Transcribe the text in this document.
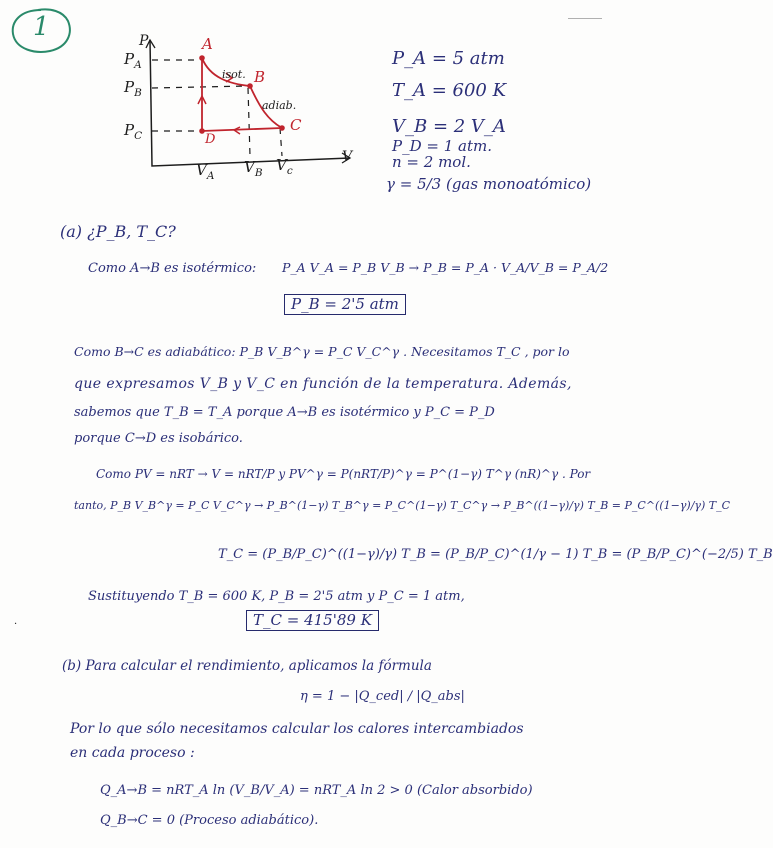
1	P
V
A
B
C
D
$P_A$
$P_B$
$P_C$
$V_A$ $V_B$ $V_c$
isot.
adiab.
P_A = 5 atm
T_A = 600 K
V_B = 2 V_A
P_D = 1 atm.
n = 2 mol.
γ = 5/3 (gas monoatómico)
(a) ¿P_B, T_C?
Como A→B es isotérmico: P_A V_A = P_B V_B → P_B = P_A · V_A/V_B = P_A/2
P_B = 2'5 atm
Como B→C es adiabático: P_B V_B^γ = P_C V_C^γ . Necesitamos T_C , por lo
que expresamos V_B y V_C en función de la temperatura. Además,
sabemos que T_B = T_A porque A→B es isotérmico y P_C = P_D
porque C→D es isobárico.
Como PV = nRT → V = nRT/P y PV^γ = P(nRT/P)^γ = P^(1−γ) T^γ (nR)^γ . Por
tanto, P_B V_B^γ = P_C V_C^γ → P_B^(1−γ) T_B^γ = P_C^(1−γ) T_C^γ → P_B^((1−γ)/γ) T_B = P_C^((1−γ)/γ) T_C
T_C = (P_B/P_C)^((1−γ)/γ) T_B = (P_B/P_C)^(1/γ − 1) T_B = (P_B/P_C)^(−2/5) T_B
Sustituyendo T_B = 600 K, P_B = 2'5 atm y P_C = 1 atm,
T_C = 415'89 K
(b) Para calcular el rendimiento, aplicamos la fórmula
η = 1 − |Q_ced| / |Q_abs|
Por lo que sólo necesitamos calcular los calores intercambiados
en cada proceso :
Q_A→B = nRT_A ln (V_B/V_A) = nRT_A ln 2 > 0 (Calor absorbido)
Q_B→C = 0 (Proceso adiabático).
·
